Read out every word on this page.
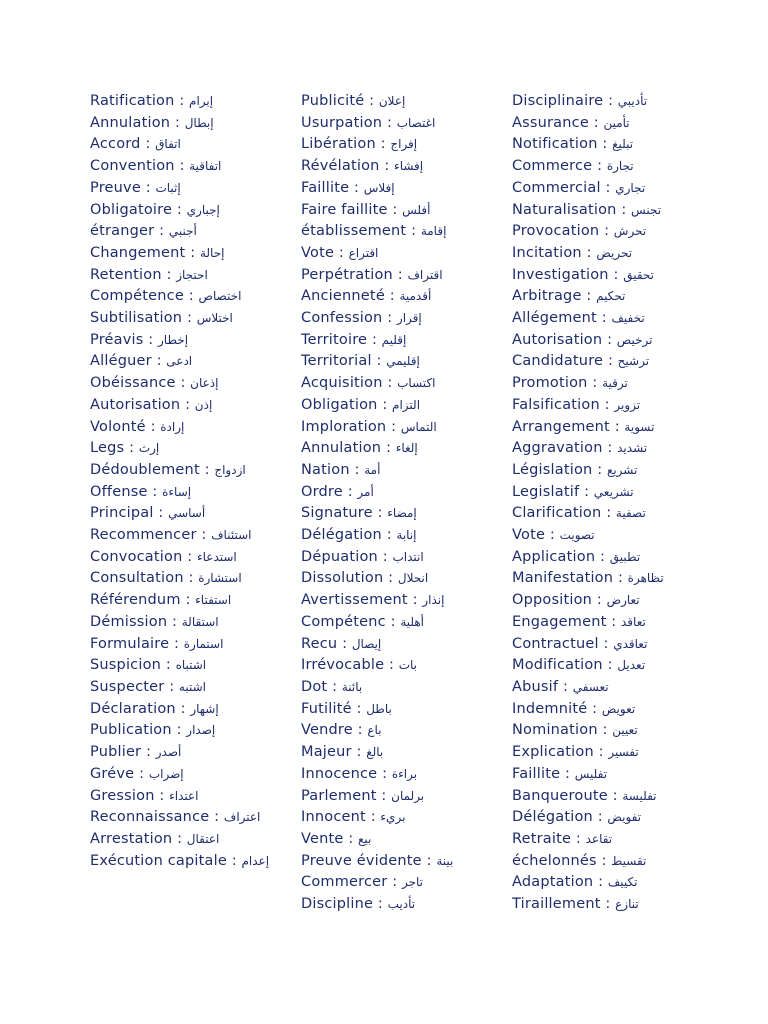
Ratification : إبرام
Annulation : إبطال
Accord : اتفاق
Convention : اتفاقية
Preuve : إثبات
Obligatoire : إجباري
étranger : أجنبي
Changement : إحالة
Retention : احتجاز
Compétence : اختصاص
Subtilisation : اختلاس
Préavis : إخطار
Alléguer : ادعى
Obéissance : إذعان
Autorisation : إذن
Volonté : إرادة
Legs : إرث
Dédoublement : ازدواج
Offense : إساءة
Principal : أساسي
Recommencer : استئناف
Convocation : استدعاء
Consultation : استشارة
Référendum : استفتاء
Démission : استقالة
Formulaire : استمارة
Suspicion : اشتباه
Suspecter : اشتبه
Déclaration : إشهار
Publication : إصدار
Publier : أصدر
Gréve : إضراب
Gression : اعتداء
Reconnaissance : اعتراف
Arrestation : اعتقال
Exécution capitale : إعدام
Publicité : إعلان
Usurpation : اغتصاب
Libération : إفراج
Révélation : إفشاء
Faillite : إفلاس
Faire faillite : أفلس
établissement : إقامة
Vote : اقتراع
Perpétration : اقتراف
Ancienneté : أقدمية
Confession : إقرار
Territoire : إقليم
Territorial : إقليمي
Acquisition : اكتساب
Obligation : التزام
Imploration : التماس
Annulation : إلغاء
Nation : أمة
Ordre : أمر
Signature : إمضاء
Délégation : إنابة
Dépuation : انتداب
Dissolution : انحلال
Avertissement : إنذار
Compétenc : أهلية
Recu : إيصال
Irrévocable : بات
Dot : بائنة
Futilité : باطل
Vendre : باع
Majeur : بالغ
Innocence : براءة
Parlement : برلمان
Innocent : بريء
Vente : بيع
Preuve évidente : بينة
Commercer : تاجر
Discipline : تأديب
Disciplinaire : تأديبي
Assurance : تأمين
Notification : تبليغ
Commerce : تجارة
Commercial : تجاري
Naturalisation : تجنس
Provocation : تحرش
Incitation : تحريض
Investigation : تحقيق
Arbitrage : تحكيم
Allégement : تخفيف
Autorisation : ترخيص
Candidature : ترشيح
Promotion : ترقية
Falsification : تزوير
Arrangement : تسوية
Aggravation : تشديد
Législation : تشريع
Legislatif : تشريعي
Clarification : تصفية
Vote : تصويت
Application : تطبيق
Manifestation : تظاهرة
Opposition : تعارض
Engagement : تعاقد
Contractuel : تعاقدي
Modification : تعديل
Abusif : تعسفي
Indemnité : تعويض
Nomination : تعيين
Explication : تفسير
Faillite : تفليس
Banqueroute : تفليسة
Délégation : تفويض
Retraite : تقاعد
échelonnés : تقسيط
Adaptation : تكييف
Tiraillement : تنازع
